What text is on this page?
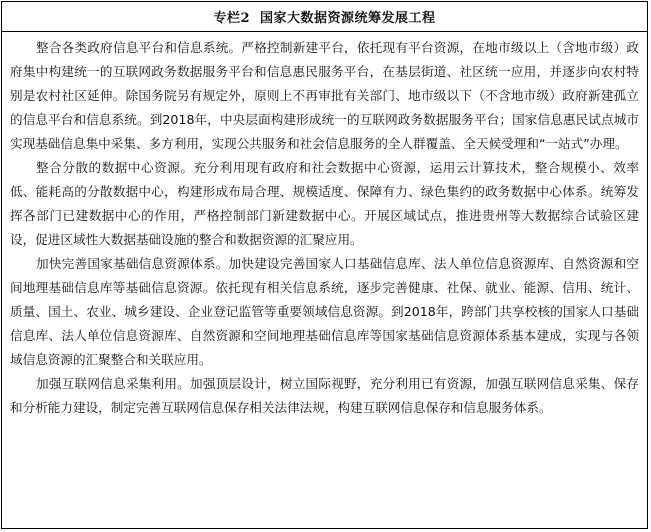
专栏2 国家大数据资源统筹发展工程

整合各类政府信息平台和信息系统。严格控制新建平台，依托现有平台资源，在地市级以上（含地市级）政府集中构建统一的互联网政务数据服务平台和信息惠民服务平台，在基层街道、社区统一应用，并逐步向农村特别是农村社区延伸。除国务院另有规定外，原则上不再审批有关部门、地市级以下（不含地市级）政府新建孤立的信息平台和信息系统。到2018年，中央层面构建形成统一的互联网政务数据服务平台；国家信息惠民试点城市实现基础信息集中采集、多方利用，实现公共服务和社会信息服务的全人群覆盖、全天候受理和“一站式”办理。

整合分散的数据中心资源。充分利用现有政府和社会数据中心资源，运用云计算技术，整合规模小、效率低、能耗高的分散数据中心，构建形成布局合理、规模适度、保障有力、绿色集约的政务数据中心体系。统筹发挥各部门已建数据中心的作用，严格控制部门新建数据中心。开展区域试点，推进贵州等大数据综合试验区建设，促进区域性大数据基础设施的整合和数据资源的汇聚应用。

加快完善国家基础信息资源体系。加快建设完善国家人口基础信息库、法人单位信息资源库、自然资源和空间地理基础信息库等基础信息资源。依托现有相关信息系统，逐步完善健康、社保、就业、能源、信用、统计、质量、国土、农业、城乡建设、企业登记监管等重要领域信息资源。到2018年，跨部门共享校核的国家人口基础信息库、法人单位信息资源库、自然资源和空间地理基础信息库等国家基础信息资源体系基本建成，实现与各领域信息资源的汇聚整合和关联应用。

加强互联网信息采集利用。加强顶层设计，树立国际视野，充分利用已有资源，加强互联网信息采集、保存和分析能力建设，制定完善互联网信息保存相关法律法规，构建互联网信息保存和信息服务体系。
